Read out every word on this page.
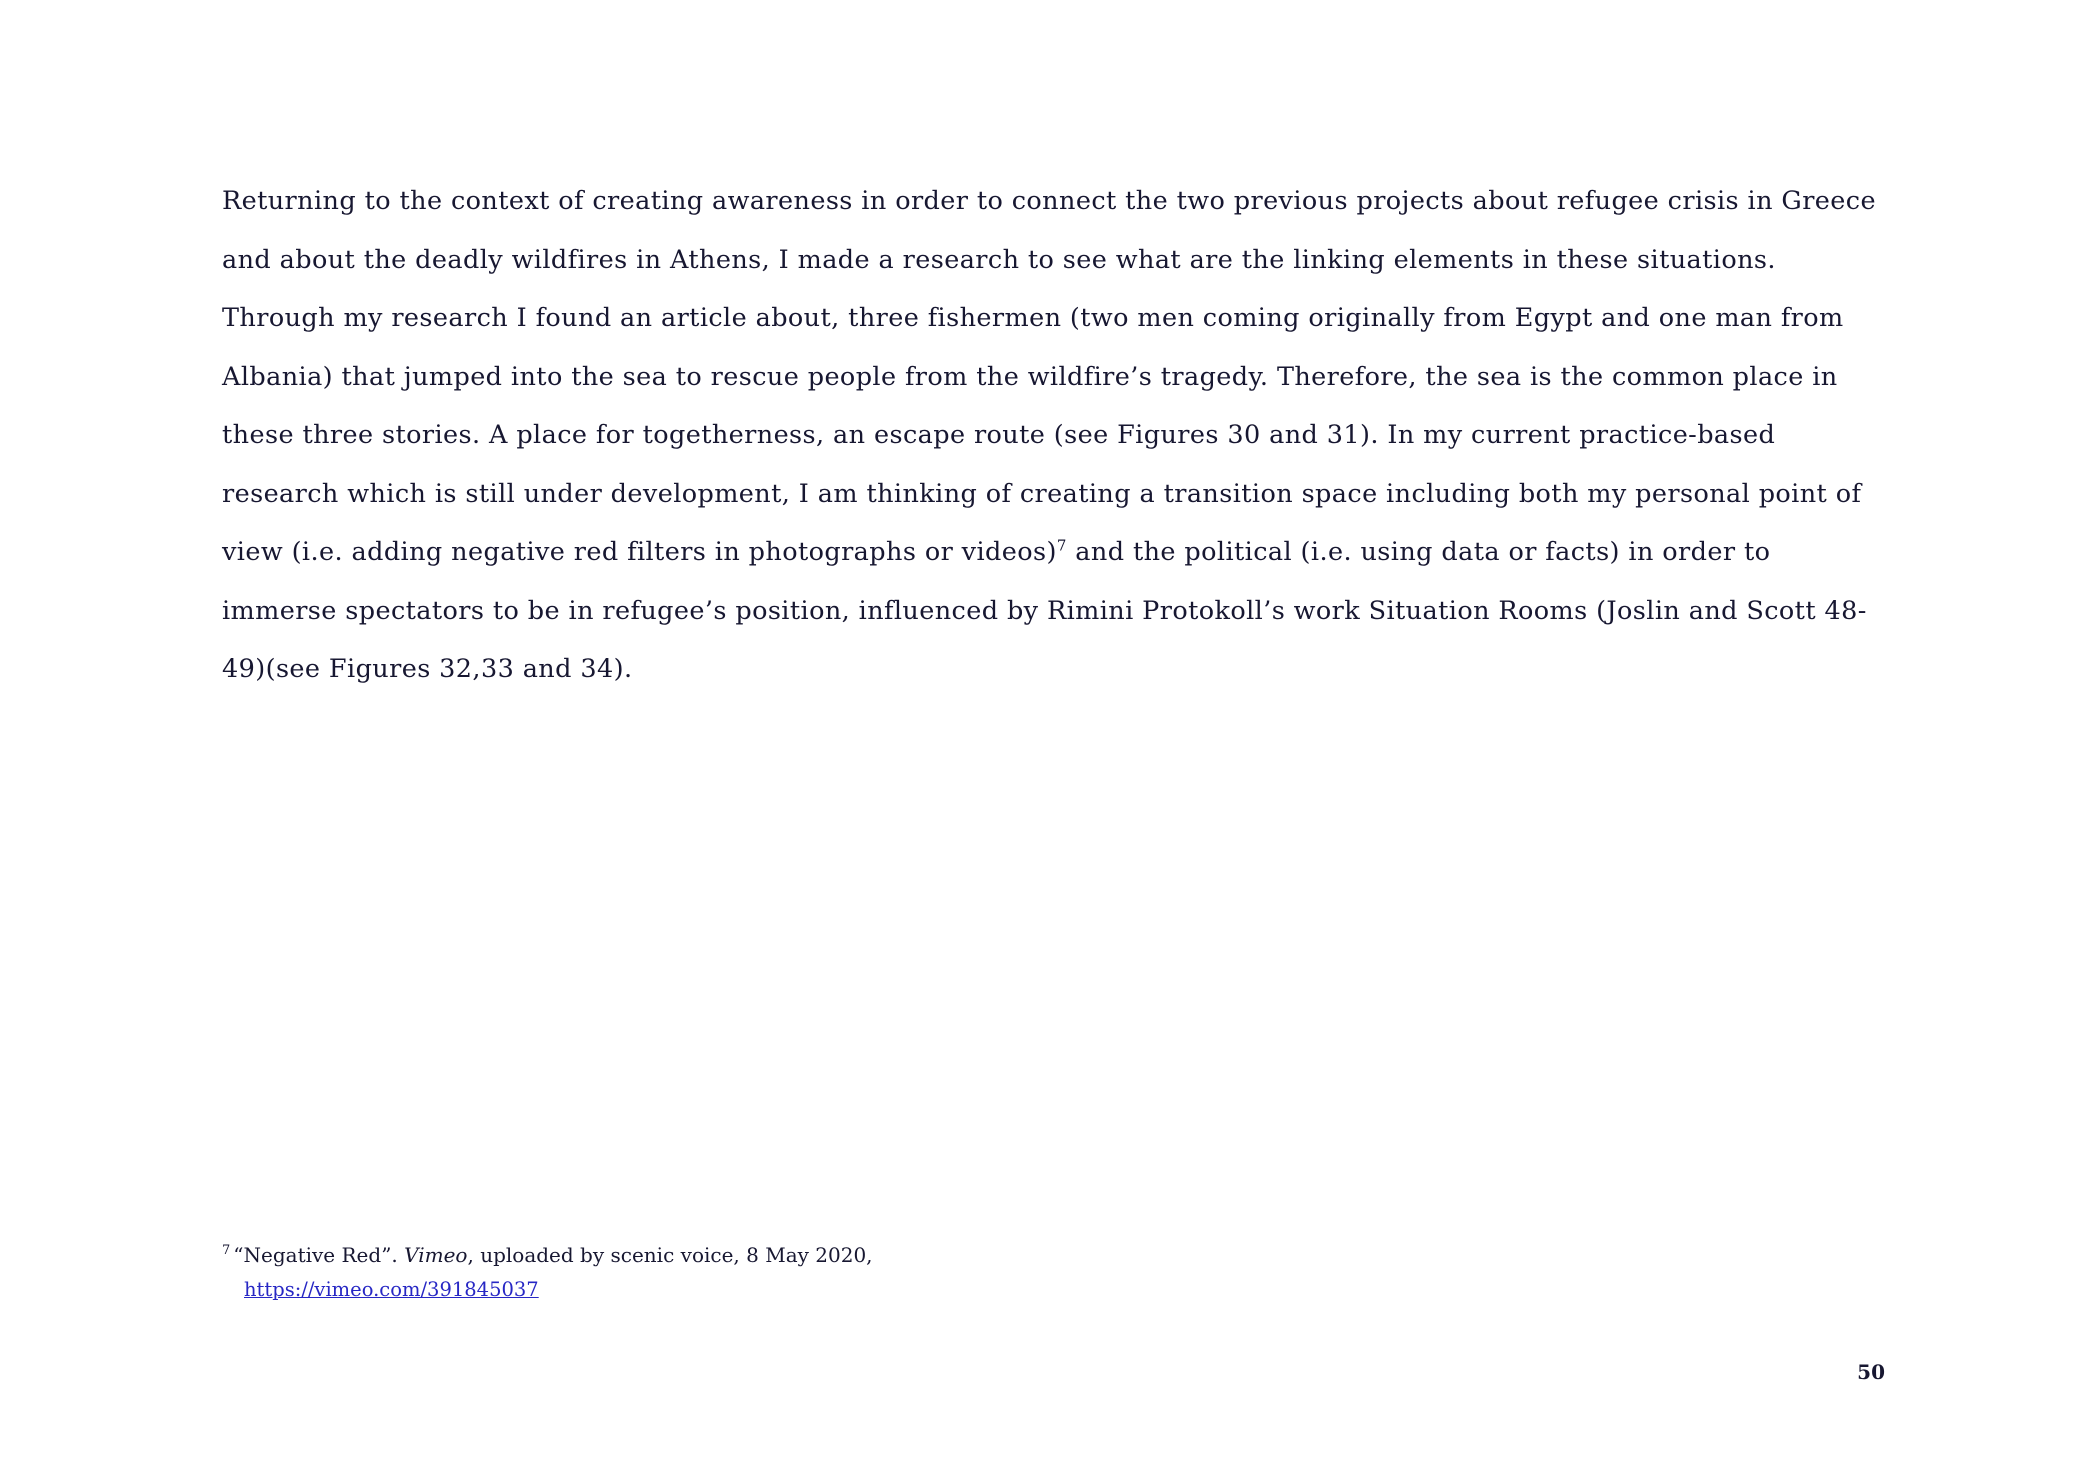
Returning to the context of creating awareness in order to connect the two previous projects about refugee crisis in Greece and about the deadly wildfires in Athens, I made a research to see what are the linking elements in these situations. Through my research I found an article about, three fishermen (two men coming originally from Egypt and one man from Albania) that jumped into the sea to rescue people from the wildfire’s tragedy. Therefore, the sea is the common place in these three stories. A place for togetherness, an escape route (see Figures 30 and 31). In my current practice-based research which is still under development, I am thinking of creating a transition space including both my personal point of view (i.e. adding negative red filters in photographs or videos)$^7$ and the political (i.e. using data or facts) in order to immerse spectators to be in refugee’s position, influenced by Rimini Protokoll’s work Situation Rooms (Joslin and Scott 48- 49)(see Figures 32,33 and 34).

$^7$ “Negative Red”. Vimeo, uploaded by scenic voice, 8 May 2020,
https://vimeo.com/391845037
50
